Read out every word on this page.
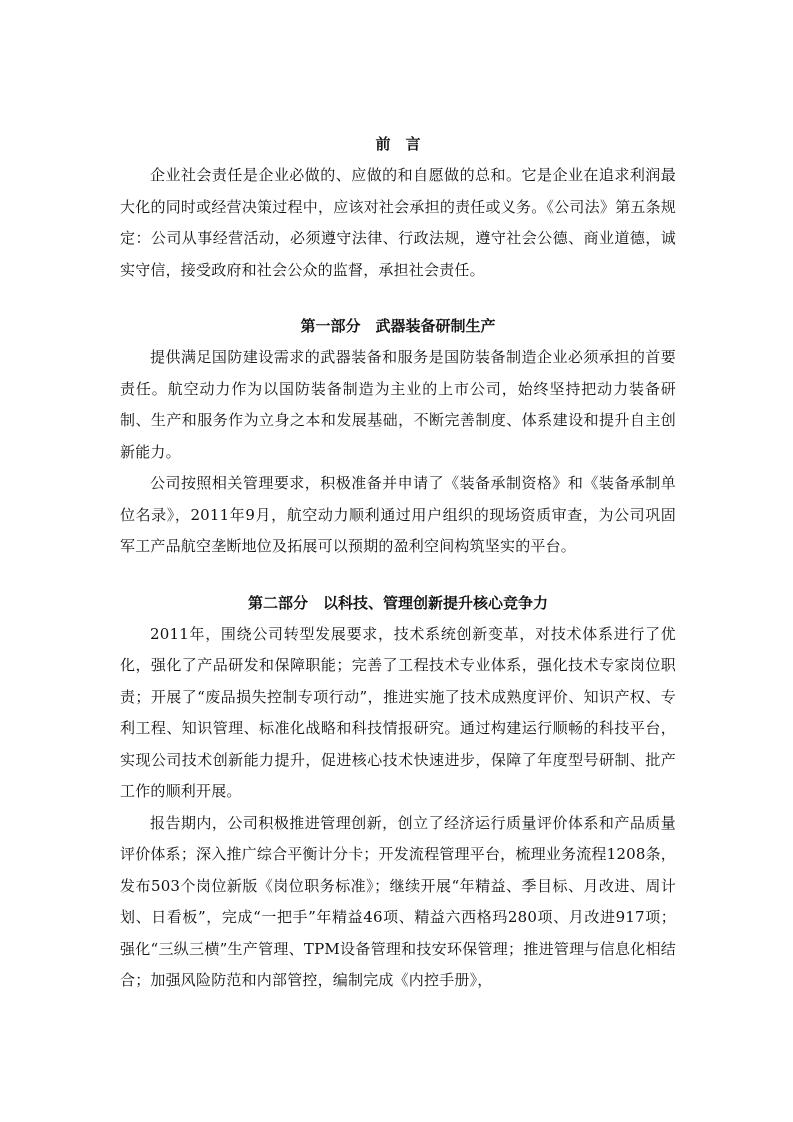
前　言

企业社会责任是企业必做的、应做的和自愿做的总和。它是企业在追求利润最大化的同时或经营决策过程中，应该对社会承担的责任或义务。《公司法》第五条规定：公司从事经营活动，必须遵守法律、行政法规，遵守社会公德、商业道德，诚实守信，接受政府和社会公众的监督，承担社会责任。

第一部分　武器装备研制生产

提供满足国防建设需求的武器装备和服务是国防装备制造企业必须承担的首要责任。航空动力作为以国防装备制造为主业的上市公司，始终坚持把动力装备研制、生产和服务作为立身之本和发展基础，不断完善制度、体系建设和提升自主创新能力。

公司按照相关管理要求，积极准备并申请了《装备承制资格》和《装备承制单位名录》，2011年9月，航空动力顺利通过用户组织的现场资质审查，为公司巩固军工产品航空垄断地位及拓展可以预期的盈利空间构筑坚实的平台。

第二部分　以科技、管理创新提升核心竞争力

2011年，围绕公司转型发展要求，技术系统创新变革，对技术体系进行了优化，强化了产品研发和保障职能；完善了工程技术专业体系，强化技术专家岗位职责；开展了“废品损失控制专项行动”，推进实施了技术成熟度评价、知识产权、专利工程、知识管理、标准化战略和科技情报研究。通过构建运行顺畅的科技平台，实现公司技术创新能力提升，促进核心技术快速进步，保障了年度型号研制、批产工作的顺利开展。

报告期内，公司积极推进管理创新，创立了经济运行质量评价体系和产品质量评价体系；深入推广综合平衡计分卡；开发流程管理平台，梳理业务流程1208条，发布503个岗位新版《岗位职务标准》；继续开展“年精益、季目标、月改进、周计划、日看板”，完成“一把手”年精益46项、精益六西格玛280项、月改进917项；强化“三纵三横”生产管理、TPM设备管理和技安环保管理；推进管理与信息化相结合；加强风险防范和内部管控，编制完成《内控手册》，
